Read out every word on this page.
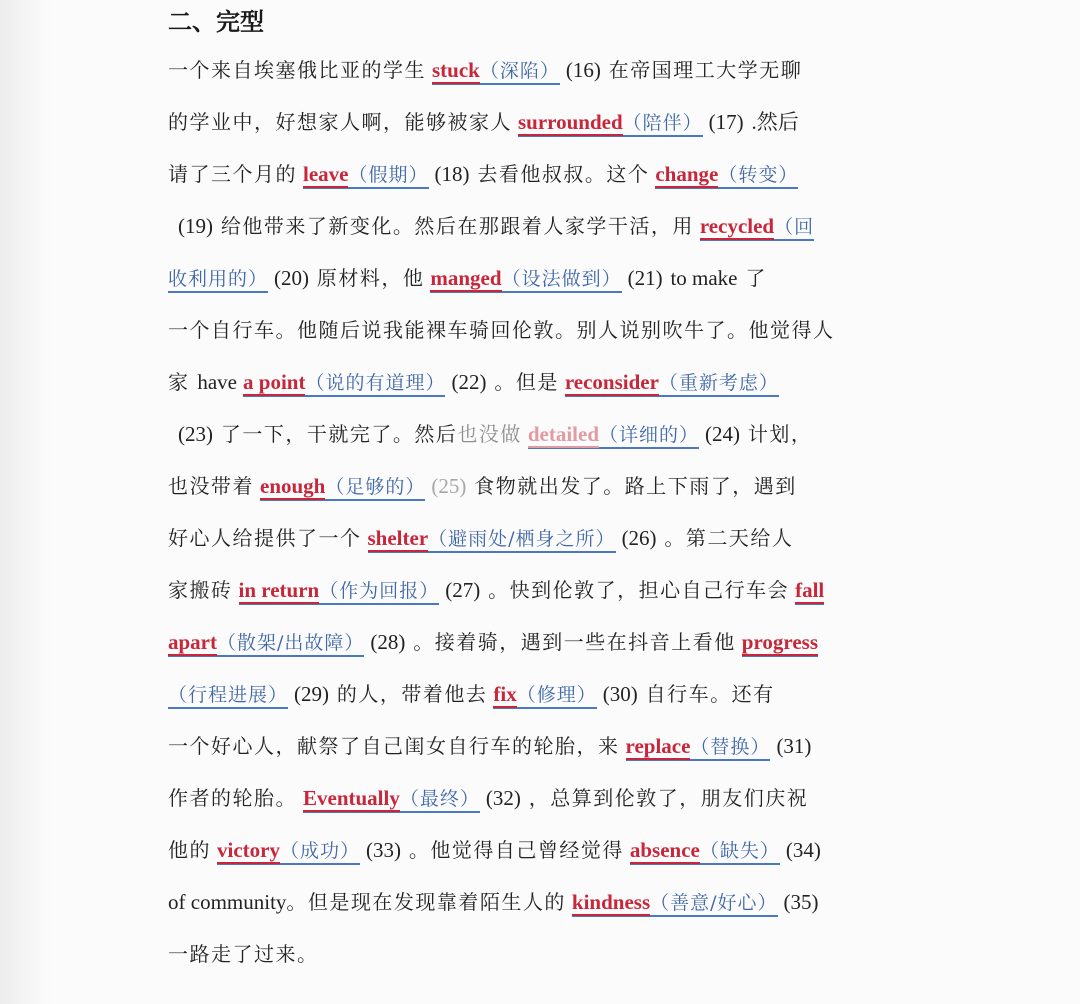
二、完型
一个来自埃塞俄比亚的学生 stuck（深陷） (16) 在帝国理工大学无聊
的学业中，好想家人啊，能够被家人 surrounded（陪伴） (17) .然后
请了三个月的 leave（假期） (18) 去看他叔叔。这个 change（转变）
(19) 给他带来了新变化。然后在那跟着人家学干活，用 recycled（回
收利用的） (20) 原材料，他 manged（设法做到） (21) to make 了
一个自行车。他随后说我能裸车骑回伦敦。别人说别吹牛了。他觉得人
家 have a point（说的有道理） (22) 。但是 reconsider（重新考虑）
(23) 了一下，干就完了。然后也没做 detailed（详细的） (24) 计划，
也没带着 enough（足够的） (25) 食物就出发了。路上下雨了，遇到
好心人给提供了一个 shelter（避雨处/栖身之所） (26) 。第二天给人
家搬砖 in return（作为回报） (27) 。快到伦敦了，担心自己行车会 fall
apart（散架/出故障） (28) 。接着骑，遇到一些在抖音上看他 progress
（行程进展） (29) 的人，带着他去 fix（修理） (30) 自行车。还有
一个好心人，献祭了自己闺女自行车的轮胎，来 replace（替换） (31)
作者的轮胎。 Eventually（最终） (32) ，总算到伦敦了，朋友们庆祝
他的 victory（成功） (33) 。他觉得自己曾经觉得 absence（缺失） (34)
of community。但是现在发现靠着陌生人的 kindness（善意/好心） (35)
一路走了过来。
